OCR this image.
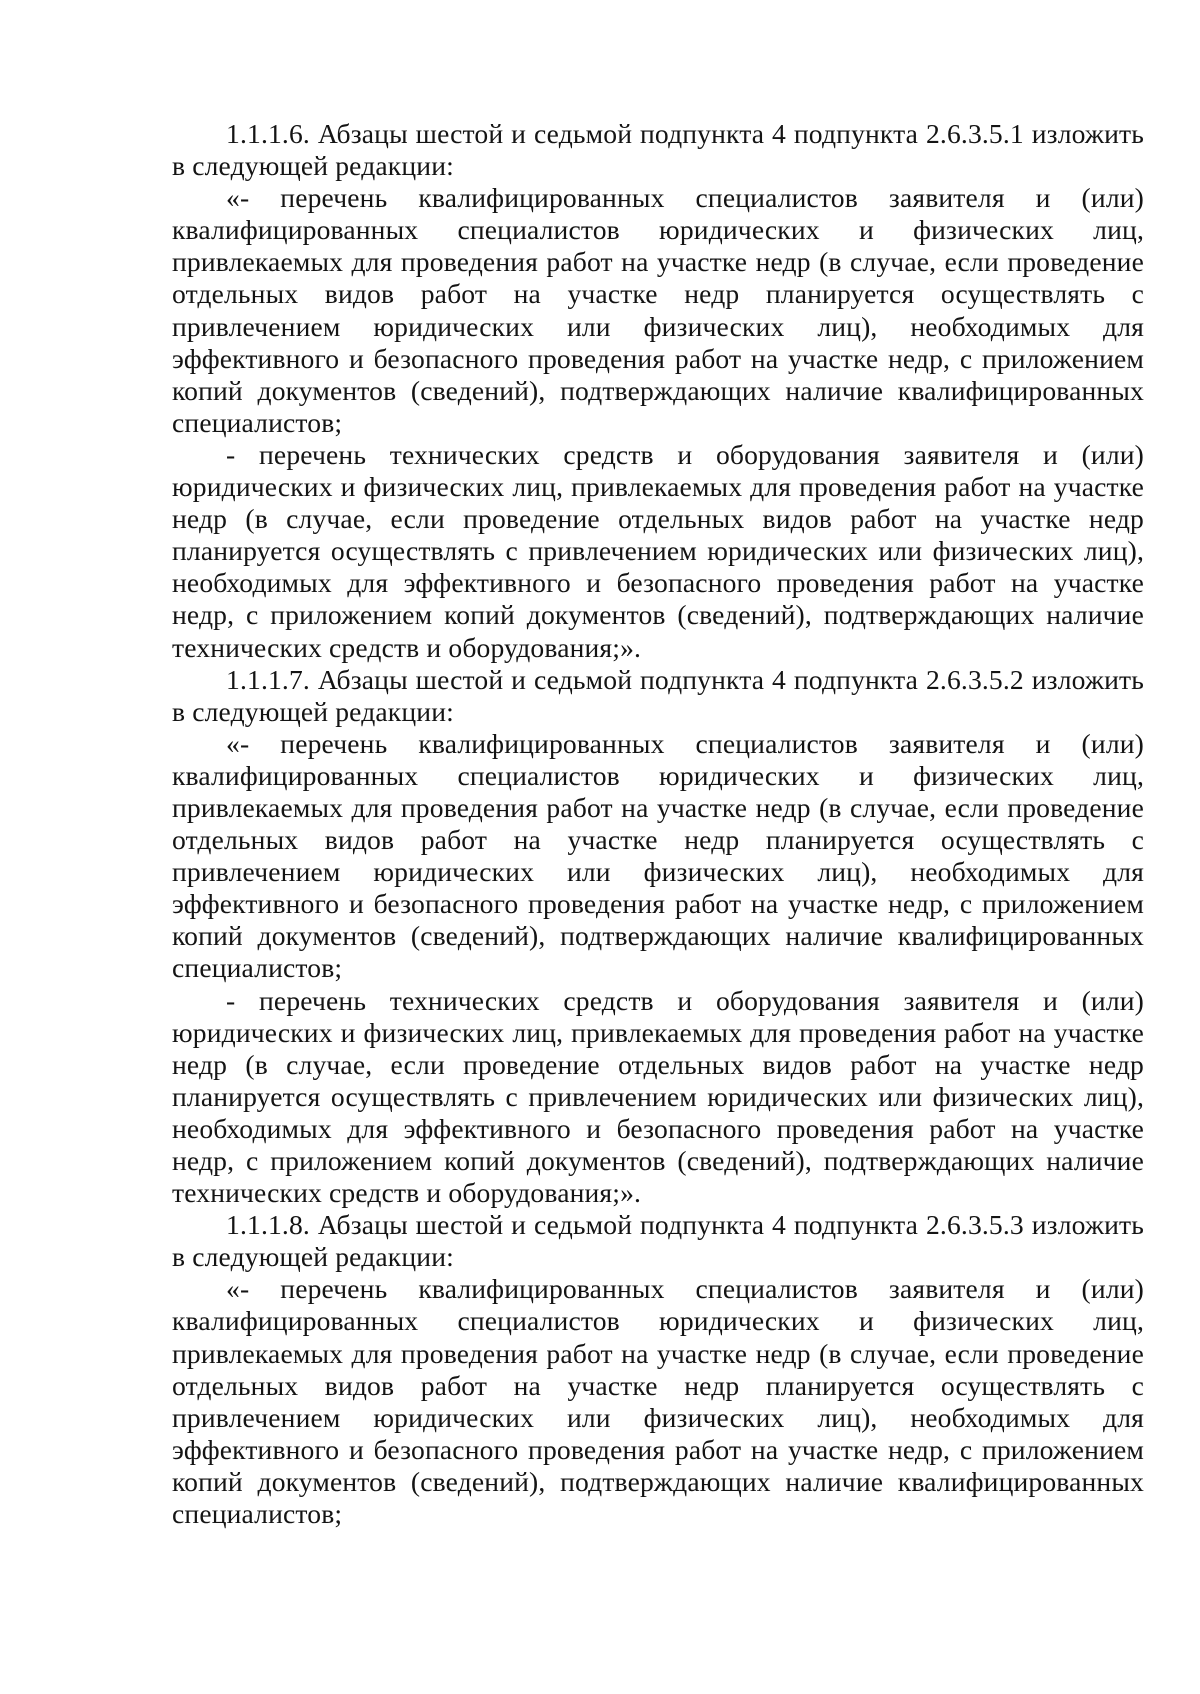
1.1.1.6. Абзацы шестой и седьмой подпункта 4 подпункта 2.6.3.5.1 изложить в следующей редакции:

«- перечень квалифицированных специалистов заявителя и (или) квалифицированных специалистов юридических и физических лиц, привлекаемых для проведения работ на участке недр (в случае, если проведение отдельных видов работ на участке недр планируется осуществлять с привлечением юридических или физических лиц), необходимых для эффективного и безопасного проведения работ на участке недр, с приложением копий документов (сведений), подтверждающих наличие квалифицированных специалистов;

- перечень технических средств и оборудования заявителя и (или) юридических и физических лиц, привлекаемых для проведения работ на участке недр (в случае, если проведение отдельных видов работ на участке недр планируется осуществлять с привлечением юридических или физических лиц), необходимых для эффективного и безопасного проведения работ на участке недр, с приложением копий документов (сведений), подтверждающих наличие технических средств и оборудования;».

1.1.1.7. Абзацы шестой и седьмой подпункта 4 подпункта 2.6.3.5.2 изложить в следующей редакции:

«- перечень квалифицированных специалистов заявителя и (или) квалифицированных специалистов юридических и физических лиц, привлекаемых для проведения работ на участке недр (в случае, если проведение отдельных видов работ на участке недр планируется осуществлять с привлечением юридических или физических лиц), необходимых для эффективного и безопасного проведения работ на участке недр, с приложением копий документов (сведений), подтверждающих наличие квалифицированных специалистов;

- перечень технических средств и оборудования заявителя и (или) юридических и физических лиц, привлекаемых для проведения работ на участке недр (в случае, если проведение отдельных видов работ на участке недр планируется осуществлять с привлечением юридических или физических лиц), необходимых для эффективного и безопасного проведения работ на участке недр, с приложением копий документов (сведений), подтверждающих наличие технических средств и оборудования;».

1.1.1.8. Абзацы шестой и седьмой подпункта 4 подпункта 2.6.3.5.3 изложить в следующей редакции:

«- перечень квалифицированных специалистов заявителя и (или) квалифицированных специалистов юридических и физических лиц, привлекаемых для проведения работ на участке недр (в случае, если проведение отдельных видов работ на участке недр планируется осуществлять с привлечением юридических или физических лиц), необходимых для эффективного и безопасного проведения работ на участке недр, с приложением копий документов (сведений), подтверждающих наличие квалифицированных специалистов;
